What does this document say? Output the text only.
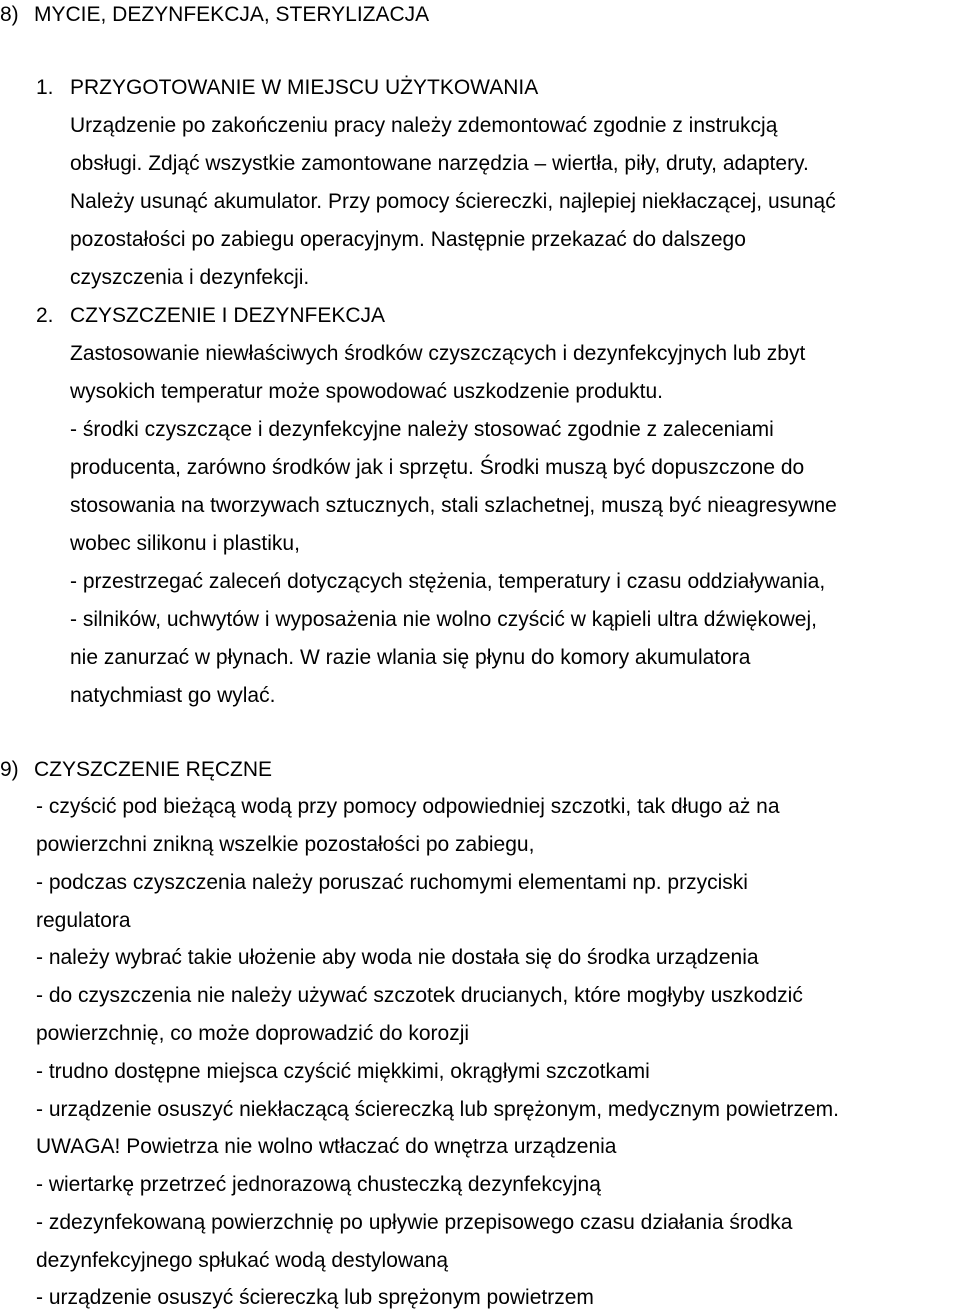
8) MYCIE, DEZYNFEKCJA, STERYLIZACJA
1. PRZYGOTOWANIE W MIEJSCU UŻYTKOWANIA
Urządzenie po zakończeniu pracy należy zdemontować zgodnie z instrukcją
obsługi. Zdjąć wszystkie zamontowane narzędzia – wiertła, piły, druty, adaptery.
Należy usunąć akumulator. Przy pomocy ściereczki, najlepiej niekłaczącej, usunąć
pozostałości po zabiegu operacyjnym. Następnie przekazać do dalszego
czyszczenia i dezynfekcji.
2. CZYSZCZENIE I DEZYNFEKCJA
Zastosowanie niewłaściwych środków czyszczących i dezynfekcyjnych lub zbyt
wysokich temperatur może spowodować uszkodzenie produktu.
- środki czyszczące i dezynfekcyjne należy stosować zgodnie z zaleceniami
producenta, zarówno środków jak i sprzętu. Środki muszą być dopuszczone do
stosowania na tworzywach sztucznych, stali szlachetnej, muszą być nieagresywne
wobec silikonu i plastiku,
- przestrzegać zaleceń dotyczących stężenia, temperatury i czasu oddziaływania,
- silników, uchwytów i wyposażenia nie wolno czyścić w kąpieli ultra dźwiękowej,
nie zanurzać w płynach. W razie wlania się płynu do komory akumulatora
natychmiast go wylać.
9) CZYSZCZENIE RĘCZNE
- czyścić pod bieżącą wodą przy pomocy odpowiedniej szczotki, tak długo aż na
powierzchni znikną wszelkie pozostałości po zabiegu,
- podczas czyszczenia należy poruszać ruchomymi elementami np. przyciski
regulatora
- należy wybrać takie ułożenie aby woda nie dostała się do środka urządzenia
- do czyszczenia nie należy używać szczotek drucianych, które mogłyby uszkodzić
powierzchnię, co może doprowadzić do korozji
- trudno dostępne miejsca czyścić miękkimi, okrągłymi szczotkami
- urządzenie osuszyć niekłaczącą ściereczką lub sprężonym, medycznym powietrzem.
UWAGA! Powietrza nie wolno wtłaczać do wnętrza urządzenia
- wiertarkę przetrzeć jednorazową chusteczką dezynfekcyjną
- zdezynfekowaną powierzchnię po upływie przepisowego czasu działania środka
dezynfekcyjnego spłukać wodą destylowaną
- urządzenie osuszyć ściereczką lub sprężonym powietrzem
